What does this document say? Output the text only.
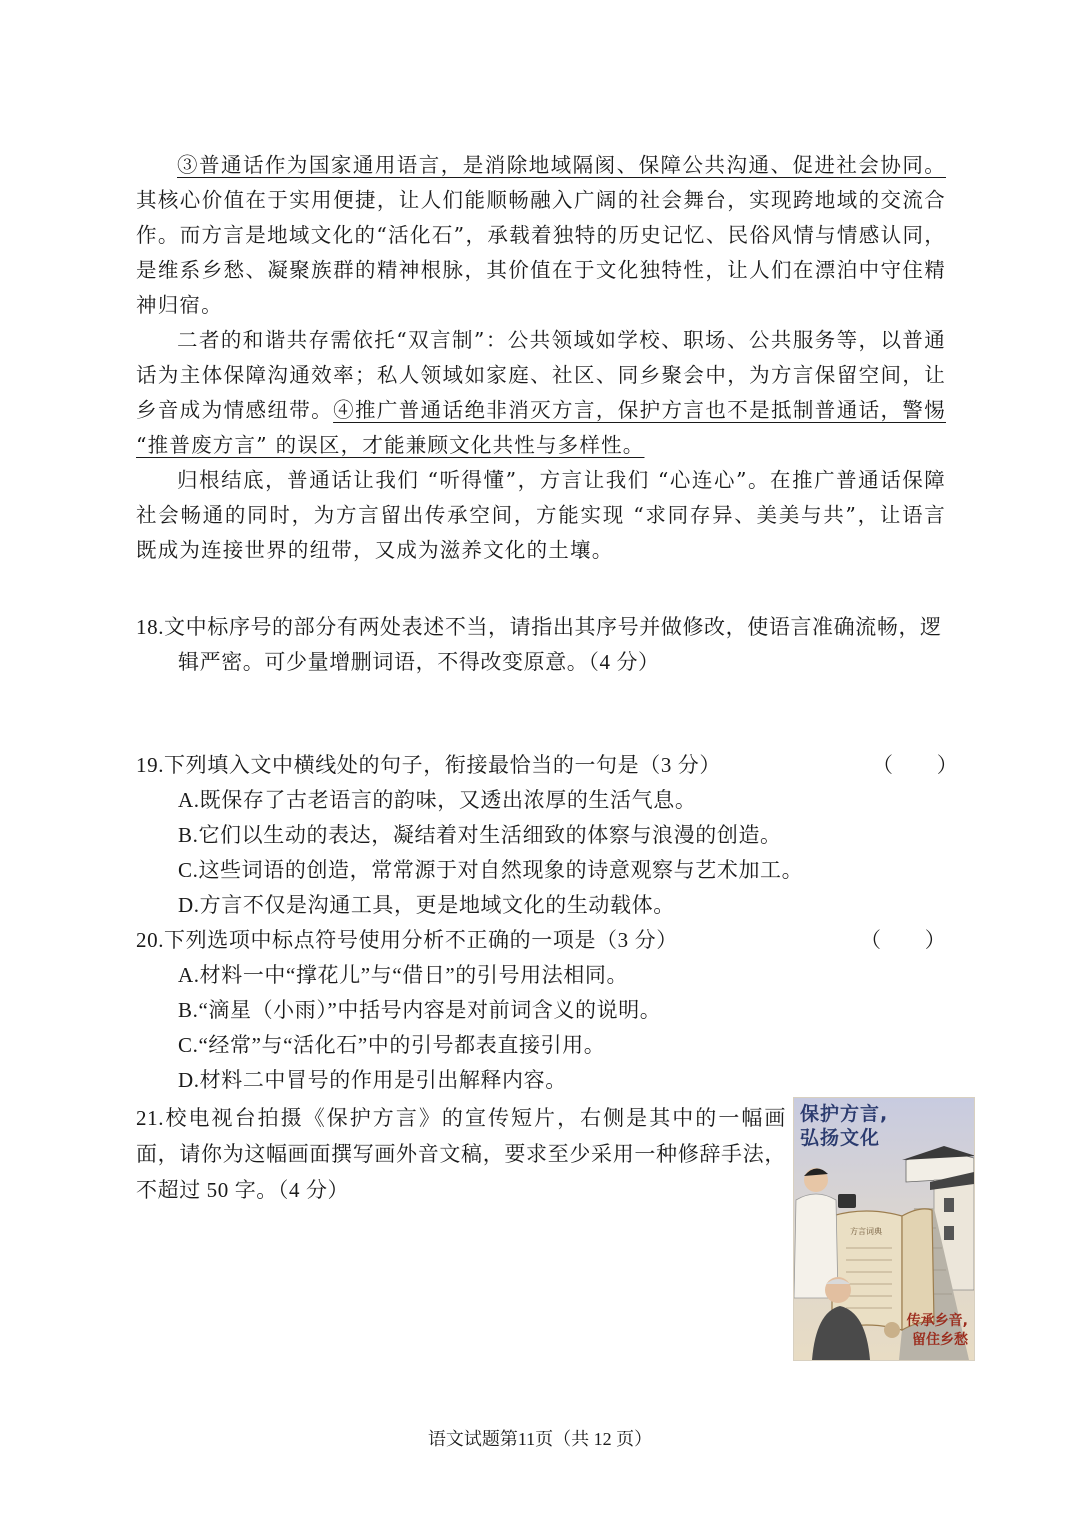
③普通话作为国家通用语言，是消除地域隔阂、保障公共沟通、促进社会协同。其核心价值在于实用便捷，让人们能顺畅融入广阔的社会舞台，实现跨地域的交流合作。而方言是地域文化的“活化石”，承载着独特的历史记忆、民俗风情与情感认同，是维系乡愁、凝聚族群的精神根脉，其价值在于文化独特性，让人们在漂泊中守住精神归宿。

二者的和谐共存需依托“双言制”：公共领域如学校、职场、公共服务等，以普通话为主体保障沟通效率；私人领域如家庭、社区、同乡聚会中，为方言保留空间，让乡音成为情感纽带。④推广普通话绝非消灭方言，保护方言也不是抵制普通话，警惕 “推普废方言” 的误区，才能兼顾文化共性与多样性。

归根结底，普通话让我们 “听得懂”，方言让我们 “心连心”。在推广普通话保障社会畅通的同时，为方言留出传承空间，方能实现 “求同存异、美美与共”，让语言既成为连接世界的纽带，又成为滋养文化的土壤。

18.文中标序号的部分有两处表述不当，请指出其序号并做修改，使语言准确流畅，逻
辑严密。可少量增删词语，不得改变原意。（4 分）
19.下列填入文中横线处的句子，衔接最恰当的一句是（3 分）	（　　）
A.既保存了古老语言的韵味，又透出浓厚的生活气息。
B.它们以生动的表达，凝结着对生活细致的体察与浪漫的创造。
C.这些词语的创造，常常源于对自然现象的诗意观察与艺术加工。
D.方言不仅是沟通工具，更是地域文化的生动载体。
20.下列选项中标点符号使用分析不正确的一项是（3 分）	（　　）
A.材料一中“撑花儿”与“借日”的引号用法相同。
B.“滴星（小雨）”中括号内容是对前词含义的说明。
C.“经常”与“活化石”中的引号都表直接引用。
D.材料二中冒号的作用是引出解释内容。
21.校电视台拍摄《保护方言》的宣传短片，右侧是其中的一幅画面，请你为这幅画面撰写画外音文稿，要求至少采用一种修辞手法，不超过 50 字。（4 分）
保护方言,
弘扬文化
方言词典
传承乡音,
留住乡愁
语文试题第11页（共 12 页）
